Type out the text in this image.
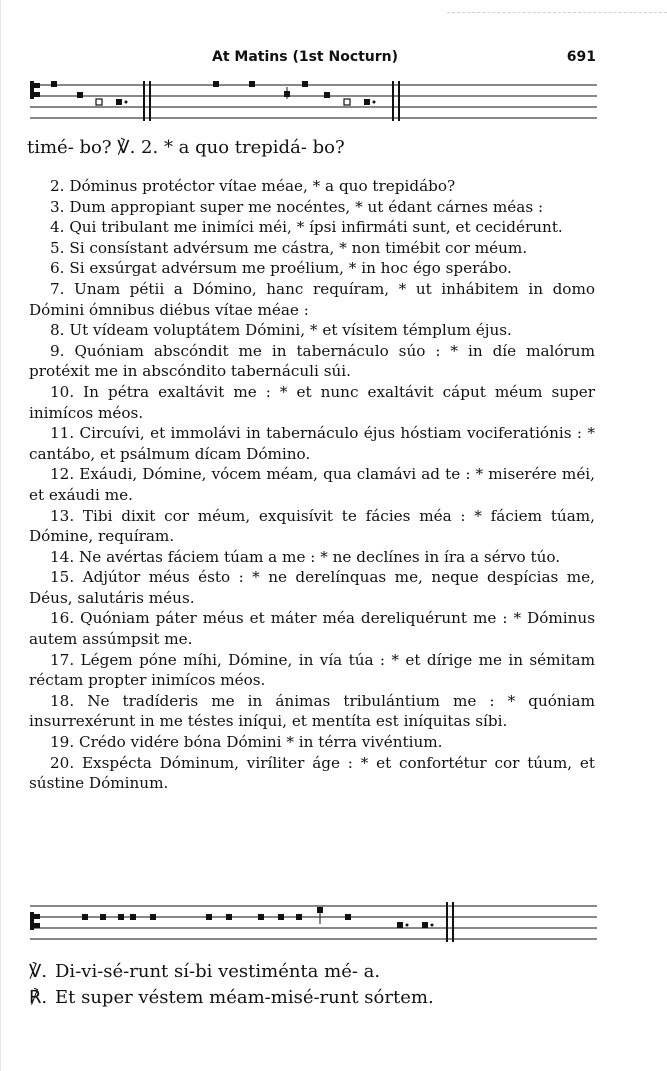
At Matins (1st Nocturn)	691
timé- bo? ℣. 2. * a quo trepidá- bo?

2. Dóminus protéctor vítae méae, * a quo trepidábo?

3. Dum appropiant super me nocéntes, * ut édant cárnes méas :

4. Qui tribulant me inimíci méi, * ípsi infirmáti sunt, et cecidérunt.

5. Si consístant advérsum me cástra, * non timébit cor méum.

6. Si exsúrgat advérsum me proélium, * in hoc égo sperábo.

7. Unam pétii a Dómino, hanc requíram, * ut inhábitem in domo Dómini ómnibus diébus vítae méae :

8. Ut vídeam voluptátem Dómini, * et vísitem témplum éjus.

9. Quóniam abscóndit me in tabernáculo súo : * in díe malórum protéxit me in abscóndito tabernáculi súi.

10. In pétra exaltávit me : * et nunc exaltávit cáput méum super inimícos méos.

11. Circuívi, et immolávi in tabernáculo éjus hóstiam vociferatiónis : * cantábo, et psálmum dícam Dómino.

12. Exáudi, Dómine, vócem méam, qua clamávi ad te : * miserére méi, et exáudi me.

13. Tibi dixit cor méum, exquisívit te fácies méa : * fáciem túam, Dómine, requíram.

14. Ne avértas fáciem túam a me : * ne declínes in íra a sérvo túo.

15. Adjútor méus ésto : * ne derelínquas me, neque despícias me, Déus, salutáris méus.

16. Quóniam páter méus et máter méa dereliquérunt me : * Dóminus autem assúmpsit me.

17. Légem póne míhi, Dómine, in vía túa : * et dírige me in sémitam réctam propter inimícos méos.

18. Ne tradíderis me in ánimas tribulántium me : * quóniam insurrexérunt in me téstes iníqui, et mentíta est iníquitas síbi.

19. Crédo vidére bóna Dómini * in térra vivéntium.

20. Exspécta Dóminum, viríliter áge : * et confortétur cor túum, et sústine Dóminum.

℣. Di-vi-sé-runt sí-bi vestiménta mé- a.
℟. Et super véstem méam-misé-runt sórtem.
